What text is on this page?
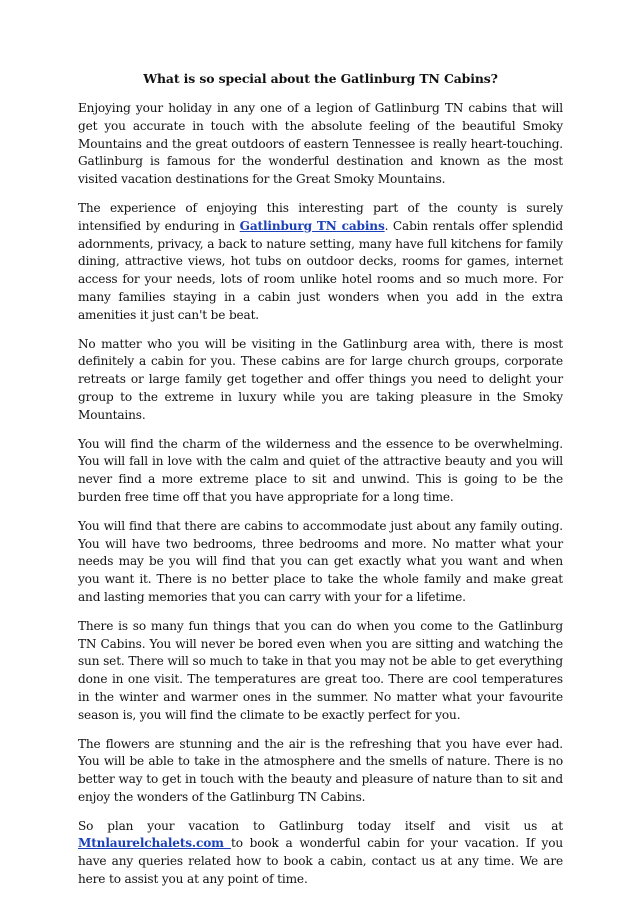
What is so special about the Gatlinburg TN Cabins?

Enjoying your holiday in any one of a legion of Gatlinburg TN cabins that will get you accurate in touch with the absolute feeling of the beautiful Smoky Mountains and the great outdoors of eastern Tennessee is really heart-touching. Gatlinburg is famous for the wonderful destination and known as the most visited vacation destinations for the Great Smoky Mountains.

The experience of enjoying this interesting part of the county is surely intensified by enduring in Gatlinburg TN cabins. Cabin rentals offer splendid adornments, privacy, a back to nature setting, many have full kitchens for family dining, attractive views, hot tubs on outdoor decks, rooms for games, internet access for your needs, lots of room unlike hotel rooms and so much more. For many families staying in a cabin just wonders when you add in the extra amenities it just can't be beat.

No matter who you will be visiting in the Gatlinburg area with, there is most definitely a cabin for you. These cabins are for large church groups, corporate retreats or large family get together and offer things you need to delight your group to the extreme in luxury while you are taking pleasure in the Smoky Mountains.

You will find the charm of the wilderness and the essence to be overwhelming. You will fall in love with the calm and quiet of the attractive beauty and you will never find a more extreme place to sit and unwind. This is going to be the burden free time off that you have appropriate for a long time.

You will find that there are cabins to accommodate just about any family outing. You will have two bedrooms, three bedrooms and more. No matter what your needs may be you will find that you can get exactly what you want and when you want it. There is no better place to take the whole family and make great and lasting memories that you can carry with your for a lifetime.

There is so many fun things that you can do when you come to the Gatlinburg TN Cabins. You will never be bored even when you are sitting and watching the sun set. There will so much to take in that you may not be able to get everything done in one visit. The temperatures are great too. There are cool temperatures in the winter and warmer ones in the summer. No matter what your favourite season is, you will find the climate to be exactly perfect for you.

The flowers are stunning and the air is the refreshing that you have ever had. You will be able to take in the atmosphere and the smells of nature. There is no better way to get in touch with the beauty and pleasure of nature than to sit and enjoy the wonders of the Gatlinburg TN Cabins.

So plan your vacation to Gatlinburg today itself and visit us at Mtnlaurelchalets.com to book a wonderful cabin for your vacation. If you have any queries related how to book a cabin, contact us at any time. We are here to assist you at any point of time.
